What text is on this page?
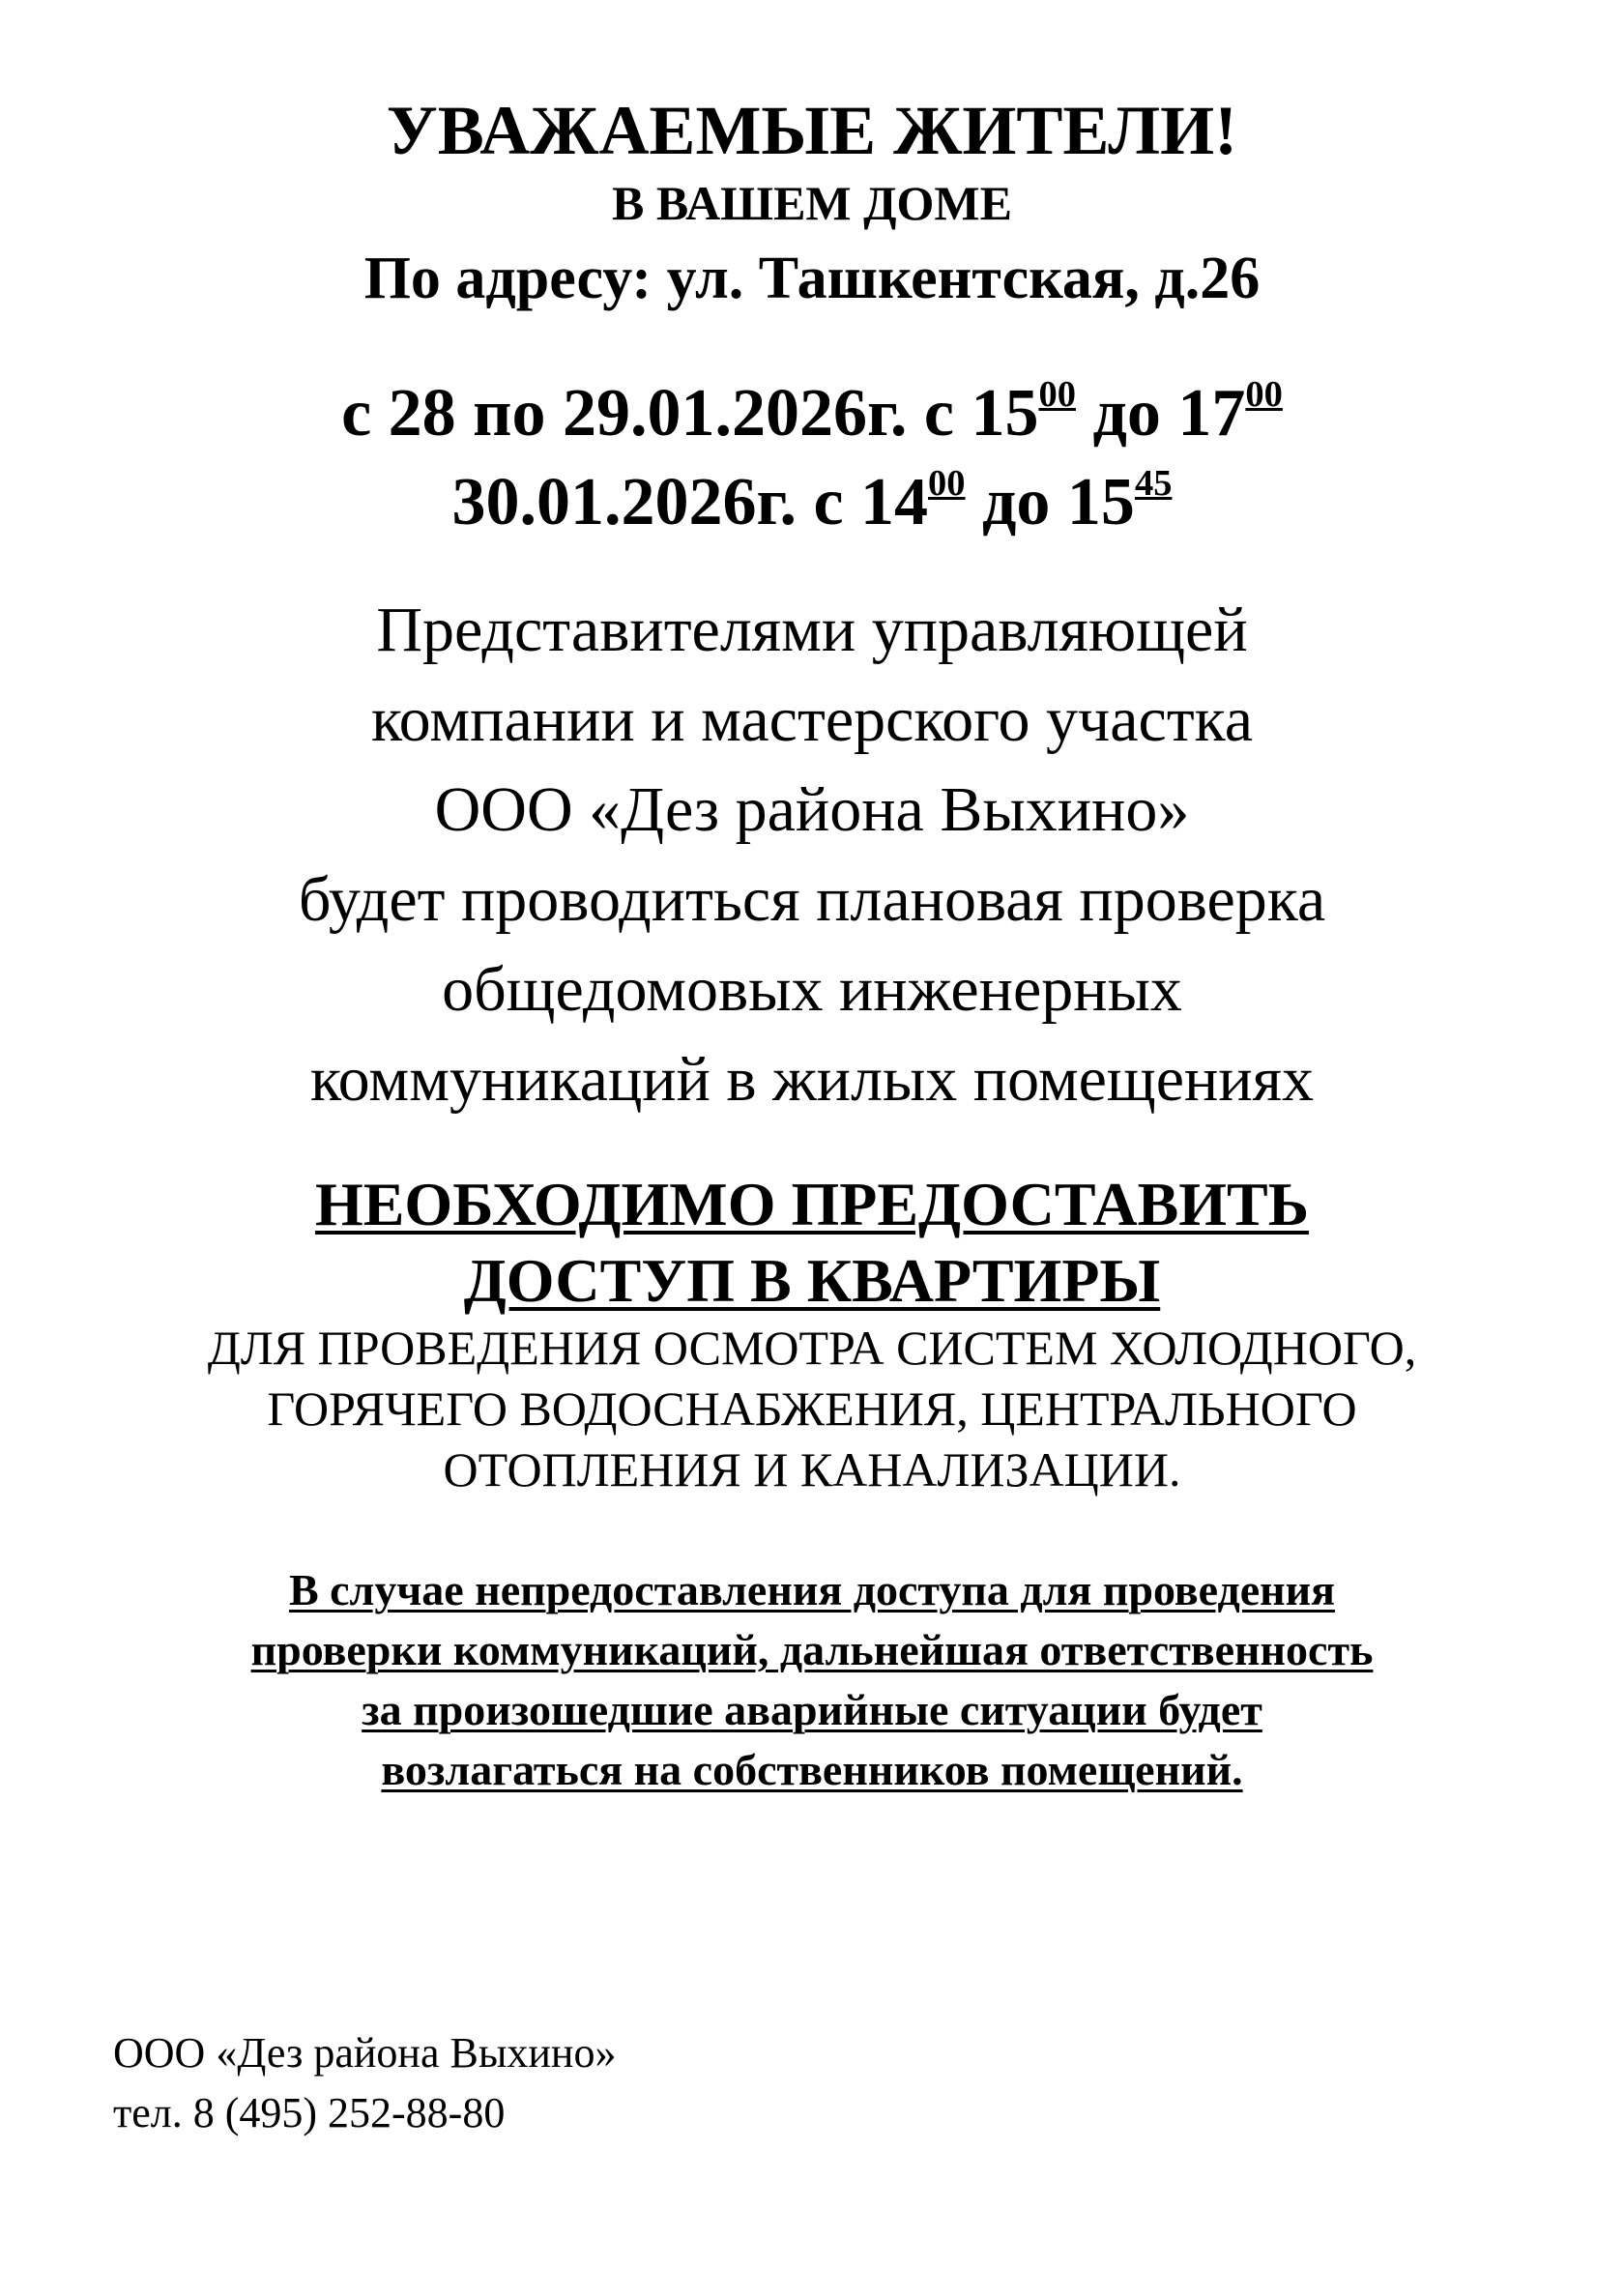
УВАЖАЕМЫЕ ЖИТЕЛИ!
В ВАШЕМ ДОМЕ
По адресу: ул. Ташкентская, д.26
с 28 по 29.01.2026г. с $15^{00}$ до $17^{00}$
30.01.2026г. с $14^{00}$ до $15^{45}$
Представителями управляющей
компании и мастерского участка
ООО «Дез района Выхино»
будет проводиться плановая проверка
общедомовых инженерных
коммуникаций в жилых помещениях
НЕОБХОДИМО ПРЕДОСТАВИТЬ
ДОСТУП В КВАРТИРЫ
ДЛЯ ПРОВЕДЕНИЯ ОСМОТРА СИСТЕМ ХОЛОДНОГО,
ГОРЯЧЕГО ВОДОСНАБЖЕНИЯ, ЦЕНТРАЛЬНОГО
ОТОПЛЕНИЯ И КАНАЛИЗАЦИИ.
В случае непредоставления доступа для проведения
проверки коммуникаций, дальнейшая ответственность
за произошедшие аварийные ситуации будет
возлагаться на собственников помещений.
ООО «Дез района Выхино»
тел. 8 (495) 252-88-80
